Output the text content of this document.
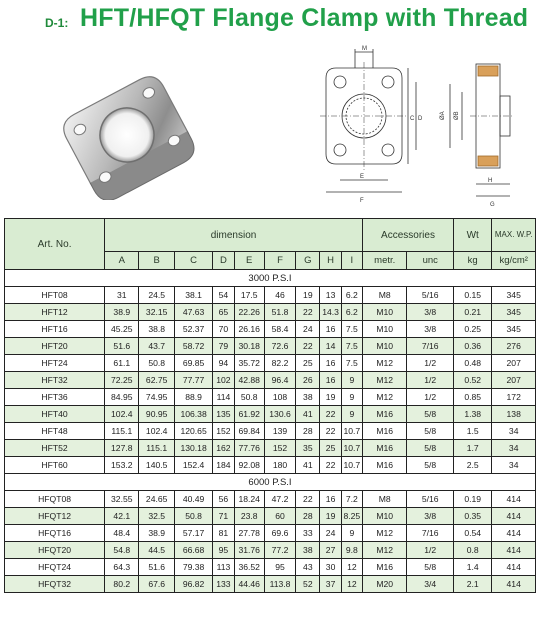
D-1: HFT/HFQT Flange Clamp with Thread
M
C D
E
F
ØA ØB
H
G
Art. No.	dimension									Accessories		Wt	MAX. W.P.
	A	B	C	D	E	F	G	H	I	metr.	unc	kg	kg/cm²
3000 P.S.I													
HFT08	31	24.5	38.1	54	17.5	46	19	13	6.2	M8	5/16	0.15	345
HFT12	38.9	32.15	47.63	65	22.26	51.8	22	14.3	6.2	M10	3/8	0.21	345
HFT16	45.25	38.8	52.37	70	26.16	58.4	24	16	7.5	M10	3/8	0.25	345
HFT20	51.6	43.7	58.72	79	30.18	72.6	22	14	7.5	M10	7/16	0.36	276
HFT24	61.1	50.8	69.85	94	35.72	82.2	25	16	7.5	M12	1/2	0.48	207
HFT32	72.25	62.75	77.77	102	42.88	96.4	26	16	9	M12	1/2	0.52	207
HFT36	84.95	74.95	88.9	114	50.8	108	38	19	9	M12	1/2	0.85	172
HFT40	102.4	90.95	106.38	135	61.92	130.6	41	22	9	M16	5/8	1.38	138
HFT48	115.1	102.4	120.65	152	69.84	139	28	22	10.7	M16	5/8	1.5	34
HFT52	127.8	115.1	130.18	162	77.76	152	35	25	10.7	M16	5/8	1.7	34
HFT60	153.2	140.5	152.4	184	92.08	180	41	22	10.7	M16	5/8	2.5	34
6000 P.S.I													
HFQT08	32.55	24.65	40.49	56	18.24	47.2	22	16	7.2	M8	5/16	0.19	414
HFQT12	42.1	32.5	50.8	71	23.8	60	28	19	8.25	M10	3/8	0.35	414
HFQT16	48.4	38.9	57.17	81	27.78	69.6	33	24	9	M12	7/16	0.54	414
HFQT20	54.8	44.5	66.68	95	31.76	77.2	38	27	9.8	M12	1/2	0.8	414
HFQT24	64.3	51.6	79.38	113	36.52	95	43	30	12	M16	5/8	1.4	414
HFQT32	80.2	67.6	96.82	133	44.46	113.8	52	37	12	M20	3/4	2.1	414
